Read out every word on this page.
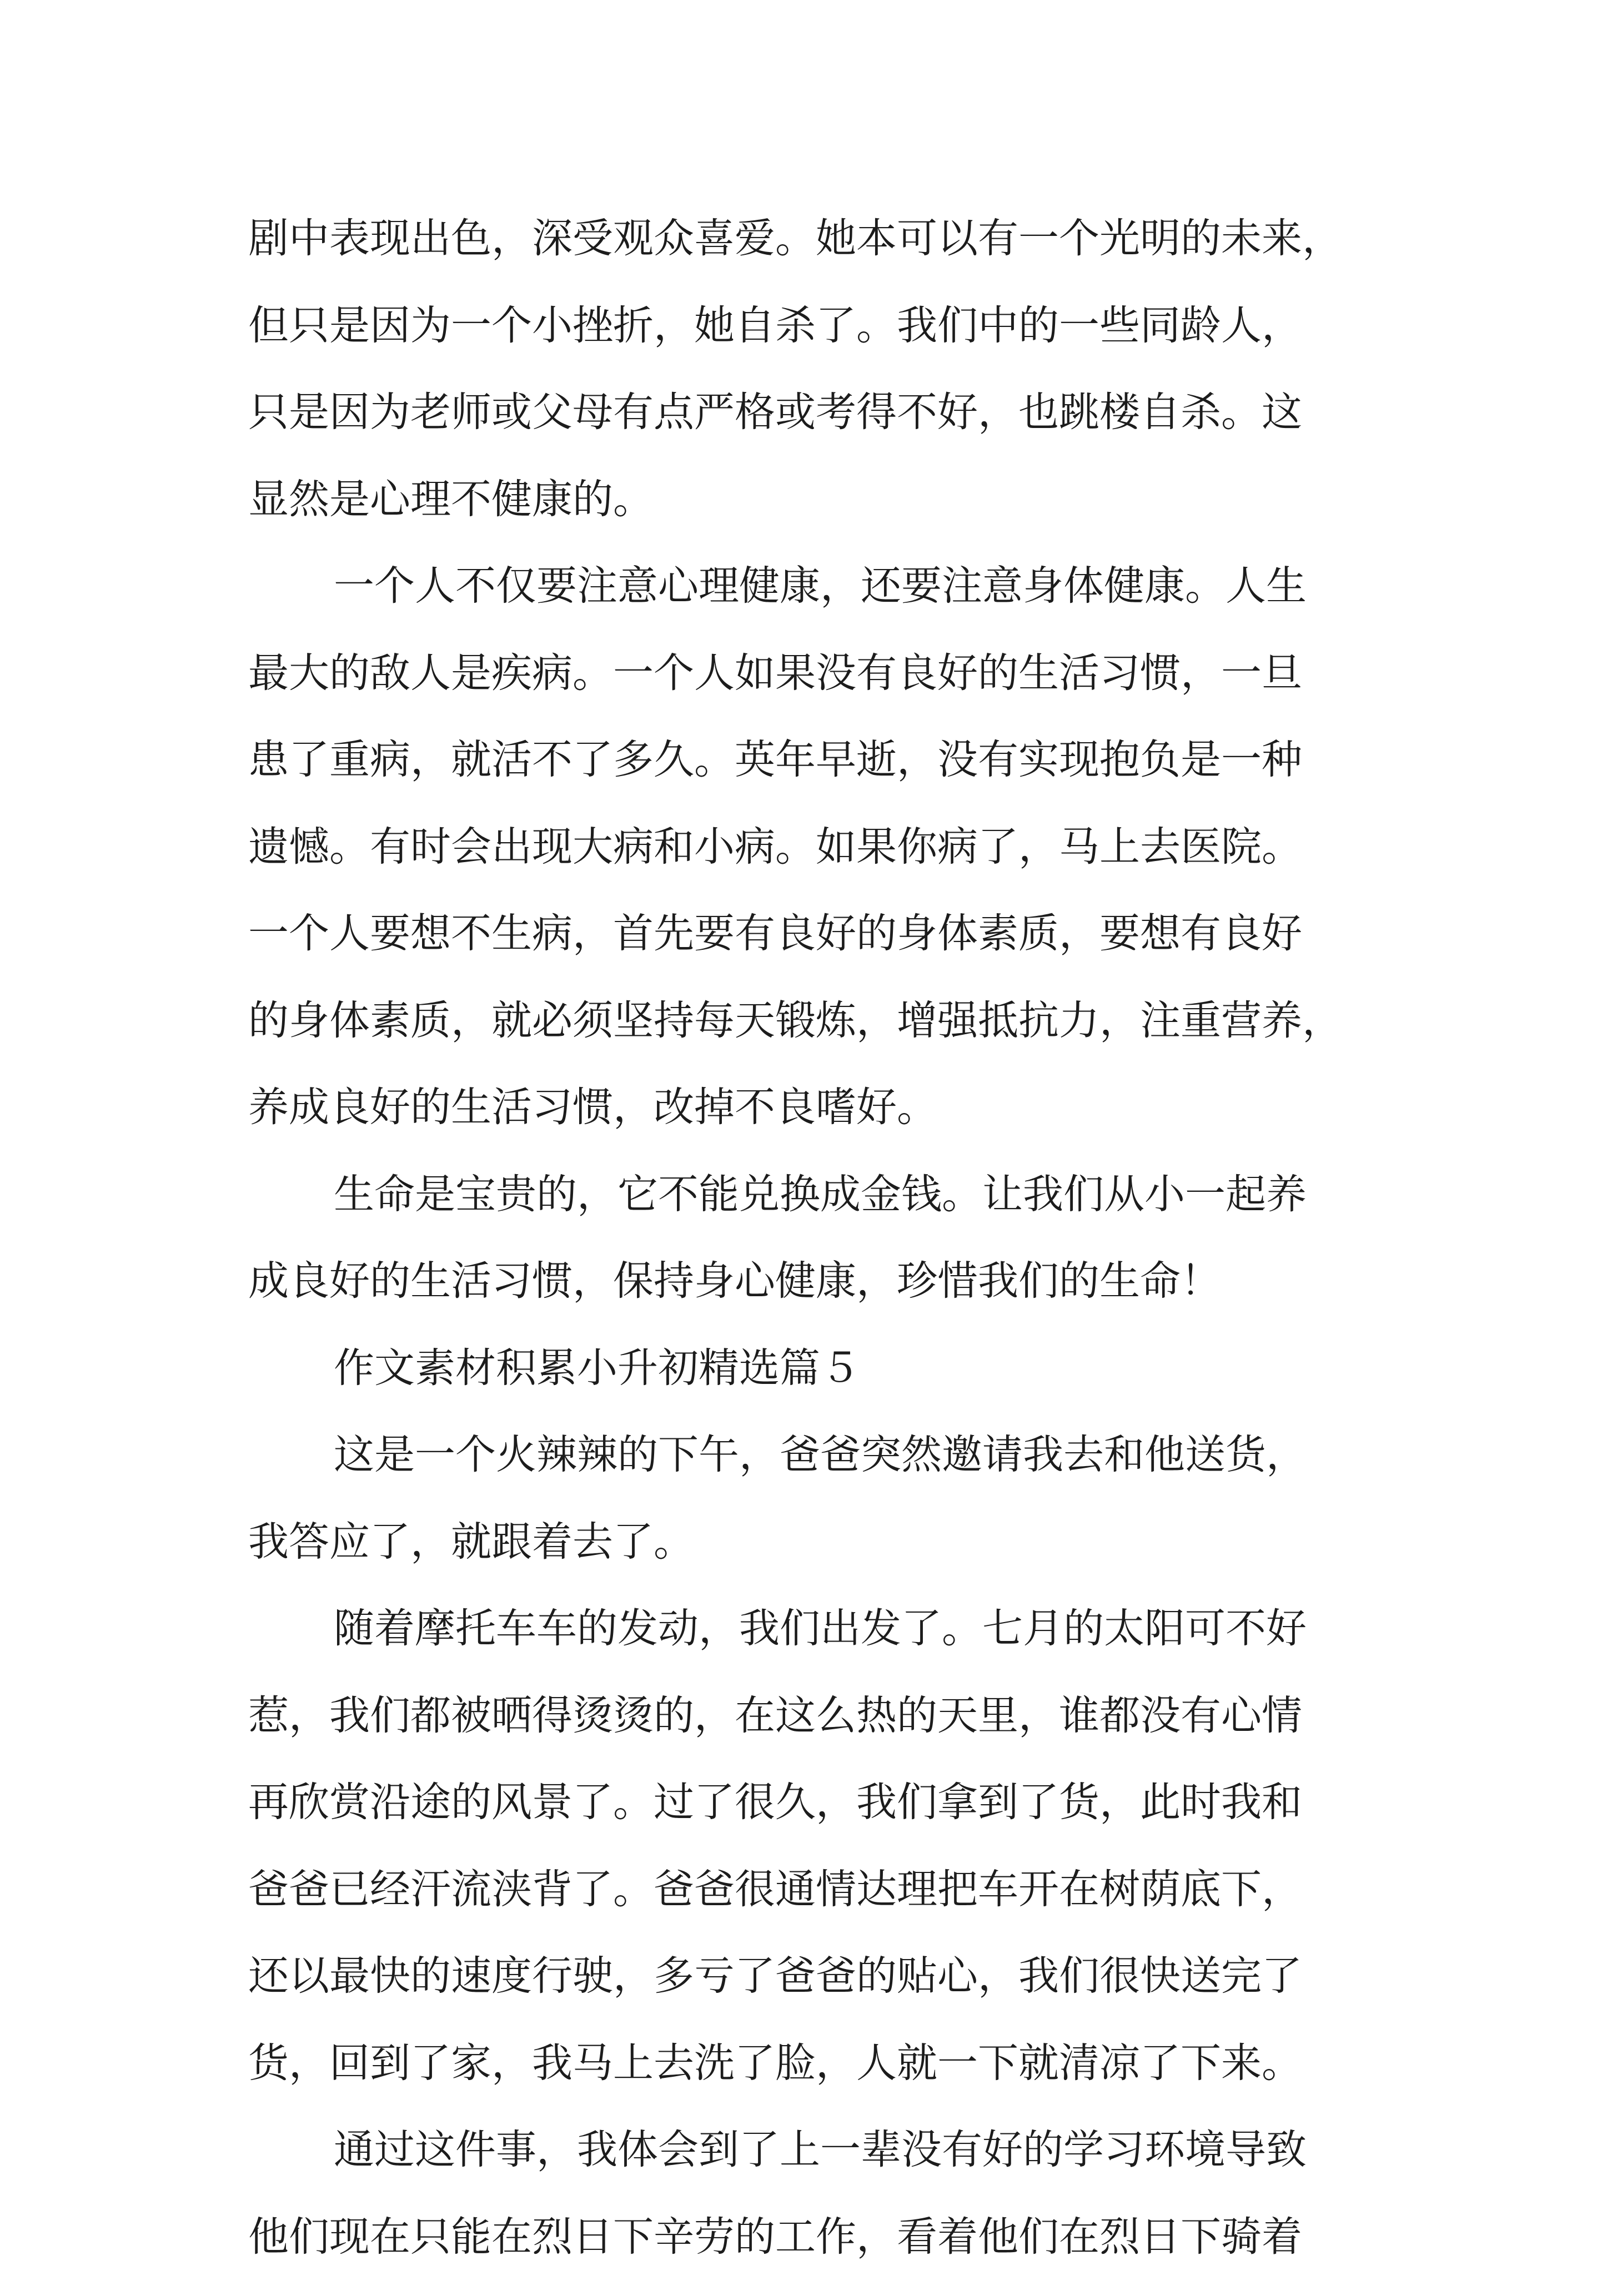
剧中表现出色，深受观众喜爱。她本可以有一个光明的未来，
但只是因为一个小挫折，她自杀了。我们中的一些同龄人，
只是因为老师或父母有点严格或考得不好，也跳楼自杀。这
显然是心理不健康的。
一个人不仅要注意心理健康，还要注意身体健康。人生
最大的敌人是疾病。一个人如果没有良好的生活习惯，一旦
患了重病，就活不了多久。英年早逝，没有实现抱负是一种
遗憾。有时会出现大病和小病。如果你病了，马上去医院。
一个人要想不生病，首先要有良好的身体素质，要想有良好
的身体素质，就必须坚持每天锻炼，增强抵抗力，注重营养，
养成良好的生活习惯，改掉不良嗜好。
生命是宝贵的，它不能兑换成金钱。让我们从小一起养
成良好的生活习惯，保持身心健康，珍惜我们的生命！
作文素材积累小升初精选篇５
这是一个火辣辣的下午，爸爸突然邀请我去和他送货，
我答应了，就跟着去了。
随着摩托车车的发动，我们出发了。七月的太阳可不好
惹，我们都被晒得烫烫的，在这么热的天里，谁都没有心情
再欣赏沿途的风景了。过了很久，我们拿到了货，此时我和
爸爸已经汗流浃背了。爸爸很通情达理把车开在树荫底下，
还以最快的速度行驶，多亏了爸爸的贴心，我们很快送完了
货，回到了家，我马上去洗了脸，人就一下就清凉了下来。
通过这件事，我体会到了上一辈没有好的学习环境导致
他们现在只能在烈日下辛劳的工作，看着他们在烈日下骑着
